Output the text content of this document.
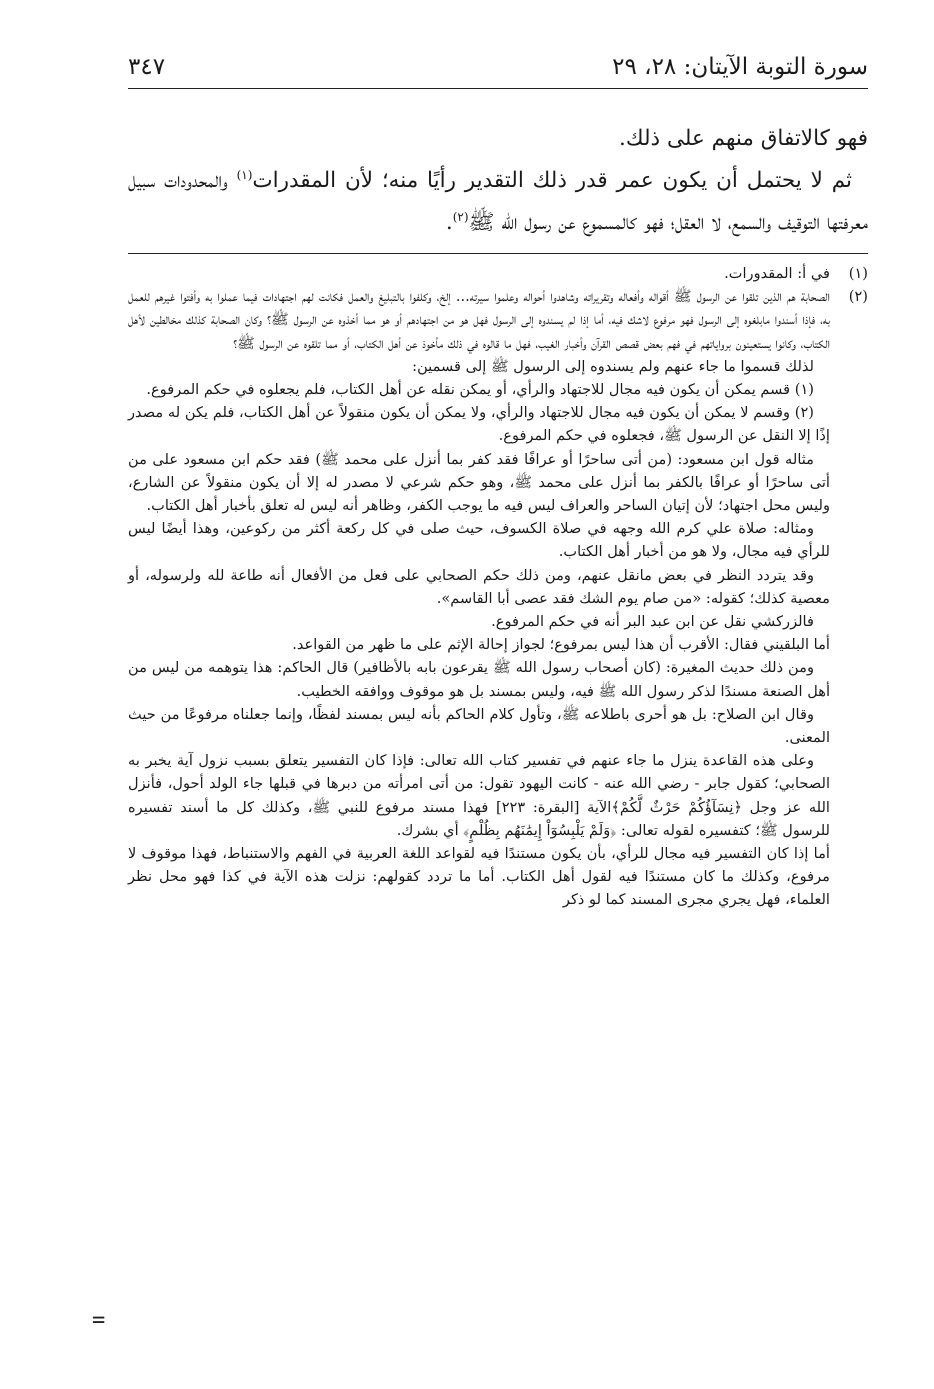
سورة التوبة الآيتان: ٢٨، ٢٩
٣٤٧

فهو كالاتفاق منهم على ذلك.

ثم لا يحتمل أن يكون عمر قدر ذلك التقدير رأيًا منه؛ لأن المقدرات$^{(١)}$ والمحدودات سبيل معرفتها التوقيف والسمع، لا العقل؛ فهو كالمسموع عن رسول الله ﷺ$^{(٢)}$.

(١)

في أ: المقدورات.

(٢)

الصحابة هم الذين تلقوا عن الرسول ﷺ أقواله وأفعاله وتقريراته وشاهدوا أحواله وعلموا سيرته... إلخ، وكلفوا بالتبليغ والعمل فكانت لهم اجتهادات فيما عملوا به وأفتوا غيرهم للعمل به، فإذا أسندوا مابلغوه إلى الرسول فهو مرفوع لاشك فيه، أما إذا لم يسندوه إلى الرسول فهل هو من اجتهادهم أو هو مما أخذوه عن الرسول ﷺ؟ وكان الصحابة كذلك مخالطين لأهل الكتاب، وكانوا يستعينون برواياتهم في فهم بعض قصص القرآن وأخبار الغيب، فهل ما قالوه في ذلك مأخوذ عن أهل الكتاب، أو مما تلقوه عن الرسول ﷺ؟

لذلك قسموا ما جاء عنهم ولم يسندوه إلى الرسول ﷺ إلى قسمين:

(١) قسم يمكن أن يكون فيه مجال للاجتهاد والرأي، أو يمكن نقله عن أهل الكتاب، فلم يجعلوه في حكم المرفوع.

(٢) وقسم لا يمكن أن يكون فيه مجال للاجتهاد والرأي، ولا يمكن أن يكون منقولاً عن أهل الكتاب، فلم يكن له مصدر إذًا إلا النقل عن الرسول ﷺ، فجعلوه في حكم المرفوع.

مثاله قول ابن مسعود: (من أتى ساحرًا أو عرافًا فقد كفر بما أنزل على محمد ﷺ) فقد حكم ابن مسعود على من أتى ساحرًا أو عرافًا بالكفر بما أنزل على محمد ﷺ، وهو حكم شرعي لا مصدر له إلا أن يكون منقولاً عن الشارع، وليس محل اجتهاد؛ لأن إتيان الساحر والعراف ليس فيه ما يوجب الكفر، وظاهر أنه ليس له تعلق بأخبار أهل الكتاب.

ومثاله: صلاة علي كرم الله وجهه في صلاة الكسوف، حيث صلى في كل ركعة أكثر من ركوعين، وهذا أيضًا ليس للرأي فيه مجال، ولا هو من أخبار أهل الكتاب.

وقد يتردد النظر في بعض مانقل عنهم، ومن ذلك حكم الصحابي على فعل من الأفعال أنه طاعة لله ولرسوله، أو معصية كذلك؛ كقوله: «من صام يوم الشك فقد عصى أبا القاسم».

فالزركشي نقل عن ابن عبد البر أنه في حكم المرفوع.

أما البلقيني فقال: الأقرب أن هذا ليس بمرفوع؛ لجواز إحالة الإثم على ما ظهر من القواعد.

ومن ذلك حديث المغيرة: (كان أصحاب رسول الله ﷺ يقرعون بابه بالأظافير) قال الحاكم: هذا يتوهمه من ليس من أهل الصنعة مسندًا لذكر رسول الله ﷺ فيه، وليس بمسند بل هو موقوف ووافقه الخطيب.

وقال ابن الصلاح: بل هو أحرى باطلاعه ﷺ، وتأول كلام الحاكم بأنه ليس بمسند لفظًا، وإنما جعلناه مرفوعًا من حيث المعنى.

وعلى هذه القاعدة ينزل ما جاء عنهم في تفسير كتاب الله تعالى: فإذا كان التفسير يتعلق بسبب نزول آية يخبر به الصحابي؛ كقول جابر - رضي الله عنه - كانت اليهود تقول: من أتى امرأته من دبرها في قبلها جاء الولد أحول، فأنزل الله عز وجل ﴿نِسَآؤُكُمْ حَرْثٌ لَّكُمْ﴾الآية [البقرة: ٢٢٣] فهذا مسند مرفوع للنبي ﷺ، وكذلك كل ما أسند تفسيره للرسول ﷺ؛ كتفسيره لقوله تعالى: ﴿وَلَمْ يَلْبِسُوٓاْ إِيمَٰنَهُم بِظُلْمٍ﴾ أي بشرك.

أما إذا كان التفسير فيه مجال للرأي، بأن يكون مستندًا فيه لقواعد اللغة العربية في الفهم والاستنباط، فهذا موقوف لا مرفوع، وكذلك ما كان مستندًا فيه لقول أهل الكتاب. أما ما تردد كقولهم: نزلت هذه الآية في كذا فهو محل نظر العلماء، فهل يجري مجرى المسند كما لو ذكر

=
